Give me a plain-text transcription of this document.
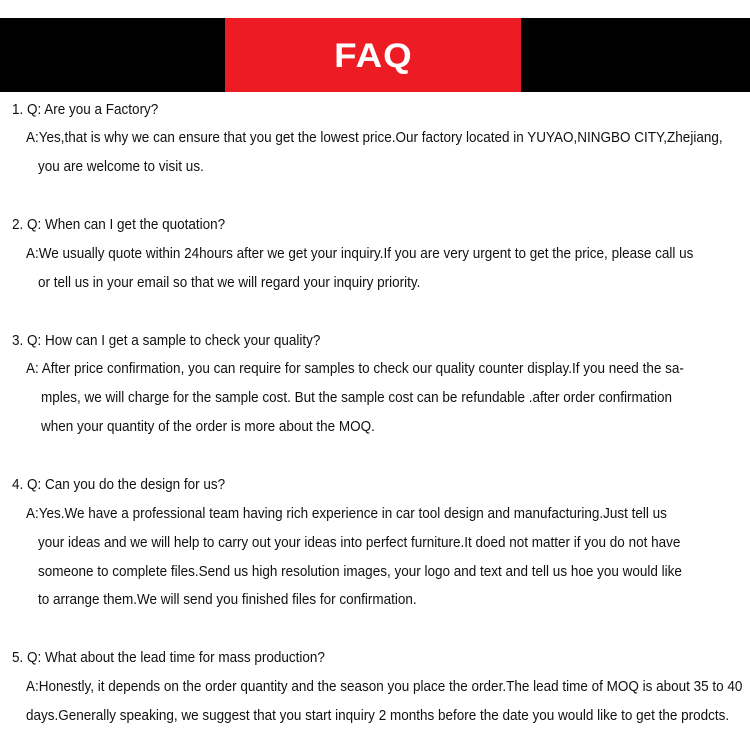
FAQ
1. Q: Are you a Factory?
A:Yes,that is why we can ensure that you get the lowest price.Our factory located in YUYAO,NINGBO CITY,Zhejiang,
you are welcome to visit us.
2. Q: When can I get the quotation?
A:We usually quote within 24hours after we get your inquiry.If you are very urgent to get the price, please call us
or tell us in your email so that we will regard your inquiry priority.
3. Q: How can I get a sample to check your quality?
A: After price confirmation, you can require for samples to check our quality counter display.If you need the sa-
mples, we will charge for the sample cost. But the sample cost can be refundable .after order confirmation
when your quantity of the order is more about the MOQ.
4. Q: Can you do the design for us?
A:Yes.We have a professional team having rich experience in car tool design and manufacturing.Just tell us
your ideas and we will help to carry out your ideas into perfect furniture.It doed not matter if you do not have
someone to complete files.Send us high resolution images, your logo and text and tell us hoe you would like
to arrange them.We will send you finished files for confirmation.
5. Q: What about the lead time for mass production?
A:Honestly, it depends on the order quantity and the season you place the order.The lead time of MOQ is about 35 to 40
days.Generally speaking, we suggest that you start inquiry 2 months before the date you would like to get the prodcts.
